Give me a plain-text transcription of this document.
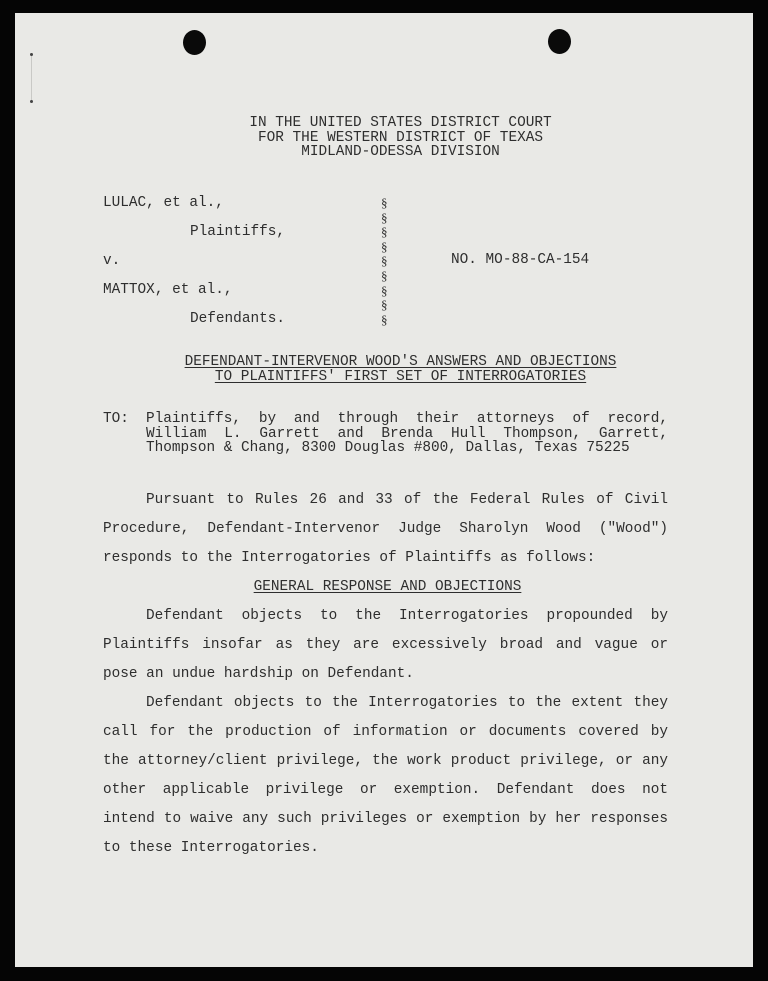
IN THE UNITED STATES DISTRICT COURT
FOR THE WESTERN DISTRICT OF TEXAS
MIDLAND-ODESSA DIVISION
LULAC, et al.,
Plaintiffs,
v.
MATTOX, et al.,
Defendants.
§
§
§
§
§
§
§
§
§
NO. MO-88-CA-154
DEFENDANT-INTERVENOR WOOD'S ANSWERS AND OBJECTIONS
TO PLAINTIFFS' FIRST SET OF INTERROGATORIES
TO: Plaintiffs, by and through their attorneys of record,
William L. Garrett and Brenda Hull Thompson, Garrett,
Thompson & Chang, 8300 Douglas #800, Dallas, Texas 75225
Pursuant to Rules 26 and 33 of the Federal Rules of Civil
Procedure, Defendant-Intervenor Judge Sharolyn Wood ("Wood")
responds to the Interrogatories of Plaintiffs as follows:
GENERAL RESPONSE AND OBJECTIONS
Defendant objects to the Interrogatories propounded by
Plaintiffs insofar as they are excessively broad and vague or
pose an undue hardship on Defendant.
Defendant objects to the Interrogatories to the extent they
call for the production of information or documents covered by
the attorney/client privilege, the work product privilege, or any
other applicable privilege or exemption. Defendant does not
intend to waive any such privileges or exemption by her responses
to these Interrogatories.
